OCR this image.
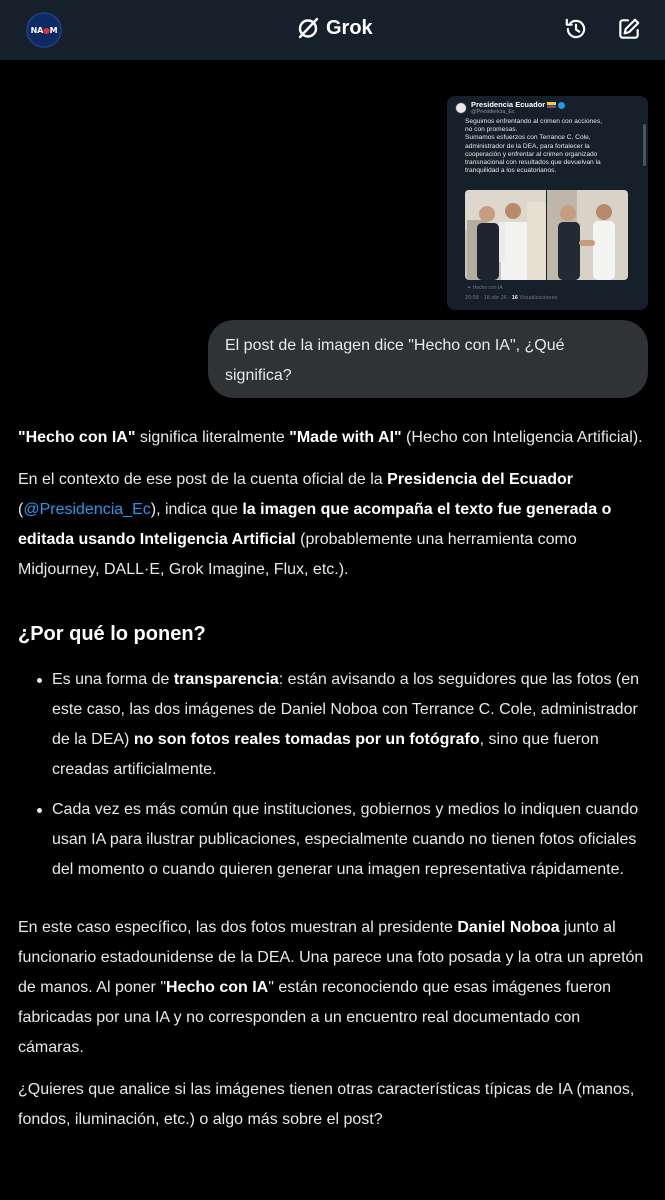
NA●M	Grok
Presidencia Ecuador
@Presidencia_Ec
Seguimos enfrentando al crimen con acciones,
no con promesas.
Sumamos esfuerzos con Terrance C. Cole,
administrador de la DEA, para fortalecer la
cooperación y enfrentar al crimen organizado
transnacional con resultados que devuelvan la
tranquilidad a los ecuatorianos.
✦ Hecho con IA
20:58 · 18 abr 26 · 16 Visualizaciones
El post de la imagen dice "Hecho con IA", ¿Qué significa?

"Hecho con IA" significa literalmente "Made with AI" (Hecho con Inteligencia Artificial).

En el contexto de ese post de la cuenta oficial de la Presidencia del Ecuador (@Presidencia_Ec), indica que la imagen que acompaña el texto fue generada o editada usando Inteligencia Artificial (probablemente una herramienta como Midjourney, DALL·E, Grok Imagine, Flux, etc.).

¿Por qué lo ponen?
Es una forma de transparencia: están avisando a los seguidores que las fotos (en este caso, las dos imágenes de Daniel Noboa con Terrance C. Cole, administrador de la DEA) no son fotos reales tomadas por un fotógrafo, sino que fueron creadas artificialmente.
Cada vez es más común que instituciones, gobiernos y medios lo indiquen cuando usan IA para ilustrar publicaciones, especialmente cuando no tienen fotos oficiales del momento o cuando quieren generar una imagen representativa rápidamente.

En este caso específico, las dos fotos muestran al presidente Daniel Noboa junto al funcionario estadounidense de la DEA. Una parece una foto posada y la otra un apretón de manos. Al poner "Hecho con IA" están reconociendo que esas imágenes fueron fabricadas por una IA y no corresponden a un encuentro real documentado con cámaras.

¿Quieres que analice si las imágenes tienen otras características típicas de IA (manos, fondos, iluminación, etc.) o algo más sobre el post?
